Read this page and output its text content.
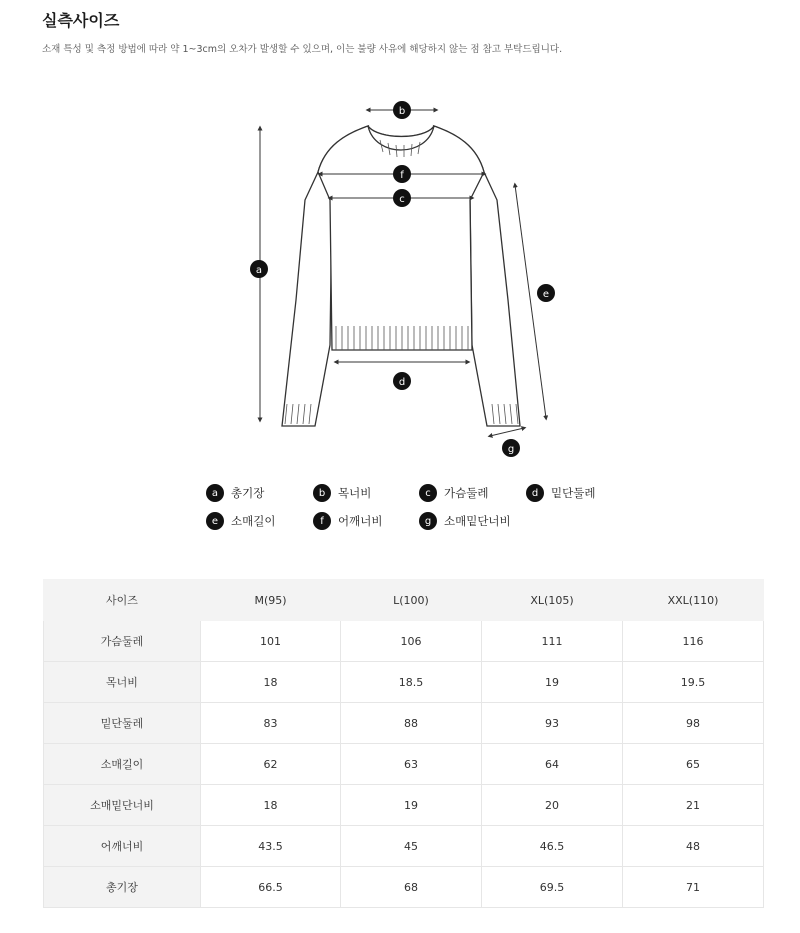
실측사이즈
소재 특성 및 측정 방법에 따라 약 1~3cm의 오차가 발생할 수 있으며, 이는 불량 사유에 해당하지 않는 점 참고 부탁드립니다.
a
b
c
d
e
f
g
a	총기장	b	목너비	c	가슴둘레	d	밑단둘레
e	소매길이	f	어깨너비	g	소매밑단너비
사이즈	M(95)	L(100)	XL(105)	XXL(110)
가슴둘레	101	106	111	116
목너비	18	18.5	19	19.5
밑단둘레	83	88	93	98
소매길이	62	63	64	65
소매밑단너비	18	19	20	21
어깨너비	43.5	45	46.5	48
총기장	66.5	68	69.5	71
